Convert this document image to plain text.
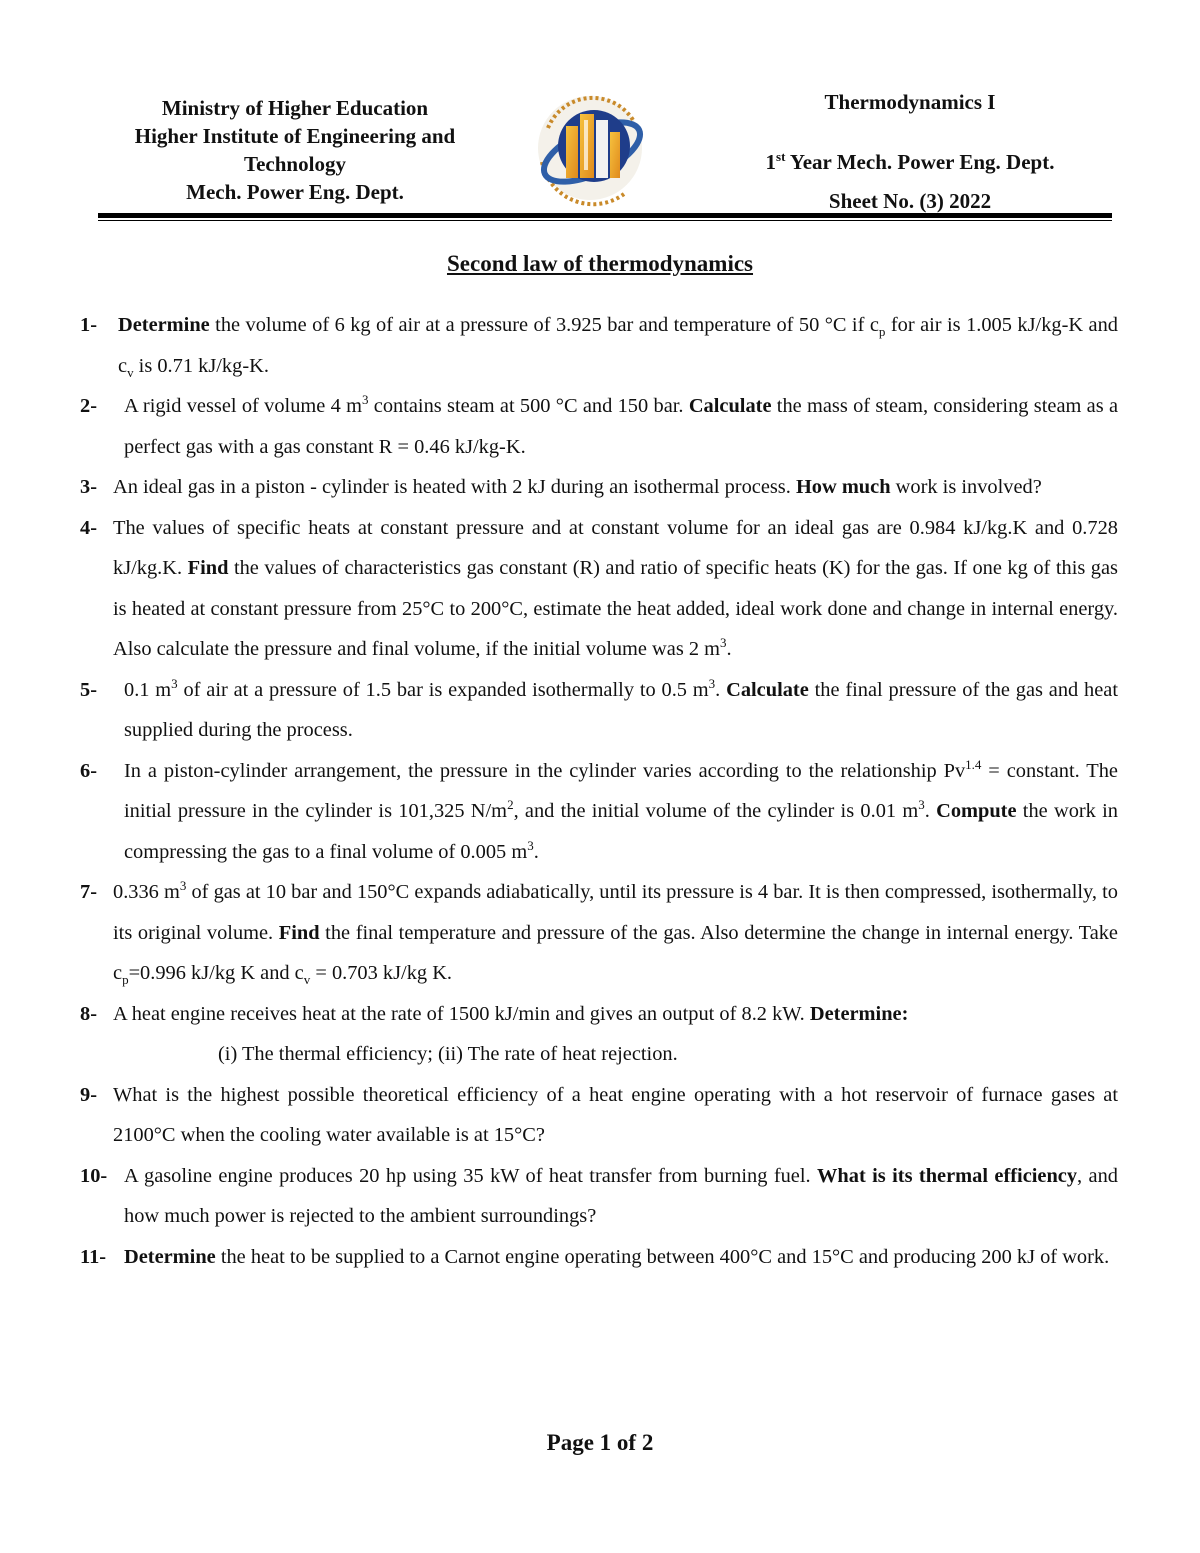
Ministry of Higher Education
Higher Institute of Engineering and Technology
Mech. Power Eng. Dept.
Thermodynamics I
1st Year Mech. Power Eng. Dept.
Sheet No. (3) 2022
Second law of thermodynamics
1-	Determine the volume of 6 kg of air at a pressure of 3.925 bar and temperature of 50 °C if $c_p$ for air is 1.005 kJ/kg-K and $c_v$ is 0.71 kJ/kg-K.
2-	A rigid vessel of volume 4 $m^3$ contains steam at 500 °C and 150 bar. Calculate the mass of steam, considering steam as a perfect gas with a gas constant R = 0.46 kJ/kg-K.
3- An ideal gas in a piston - cylinder is heated with 2 kJ during an isothermal process. How much work is involved?
4- The values of specific heats at constant pressure and at constant volume for an ideal gas are 0.984 kJ/kg.K and 0.728 kJ/kg.K. Find the values of characteristics gas constant (R) and ratio of specific heats (K) for the gas. If one kg of this gas is heated at constant pressure from 25°C to 200°C, estimate the heat added, ideal work done and change in internal energy. Also calculate the pressure and final volume, if the initial volume was 2 $m^3$.
5-	0.1 $m^3$ of air at a pressure of 1.5 bar is expanded isothermally to 0.5 $m^3$. Calculate the final pressure of the gas and heat supplied during the process.
6-	In a piston-cylinder arrangement, the pressure in the cylinder varies according to the relationship $Pv^{1.4}$ = constant. The initial pressure in the cylinder is 101,325 $N/m^2$, and the initial volume of the cylinder is 0.01 $m^3$. Compute the work in compressing the gas to a final volume of 0.005 $m^3$.
7- 0.336 $m^3$ of gas at 10 bar and 150°C expands adiabatically, until its pressure is 4 bar. It is then compressed, isothermally, to its original volume. Find the final temperature and pressure of the gas. Also determine the change in internal energy. Take $c_p=0.996$ kJ/kg K and $c_v = 0.703$ kJ/kg K.
8- A heat engine receives heat at the rate of 1500 kJ/min and gives an output of 8.2 kW. Determine:
(i) The thermal efficiency; (ii) The rate of heat rejection.
9- What is the highest possible theoretical efficiency of a heat engine operating with a hot reservoir of furnace gases at 2100°C when the cooling water available is at 15°C?
10- A gasoline engine produces 20 hp using 35 kW of heat transfer from burning fuel. What is its thermal efficiency, and how much power is rejected to the ambient surroundings?
11- Determine the heat to be supplied to a Carnot engine operating between 400°C and 15°C and producing 200 kJ of work.
Page 1 of 2
